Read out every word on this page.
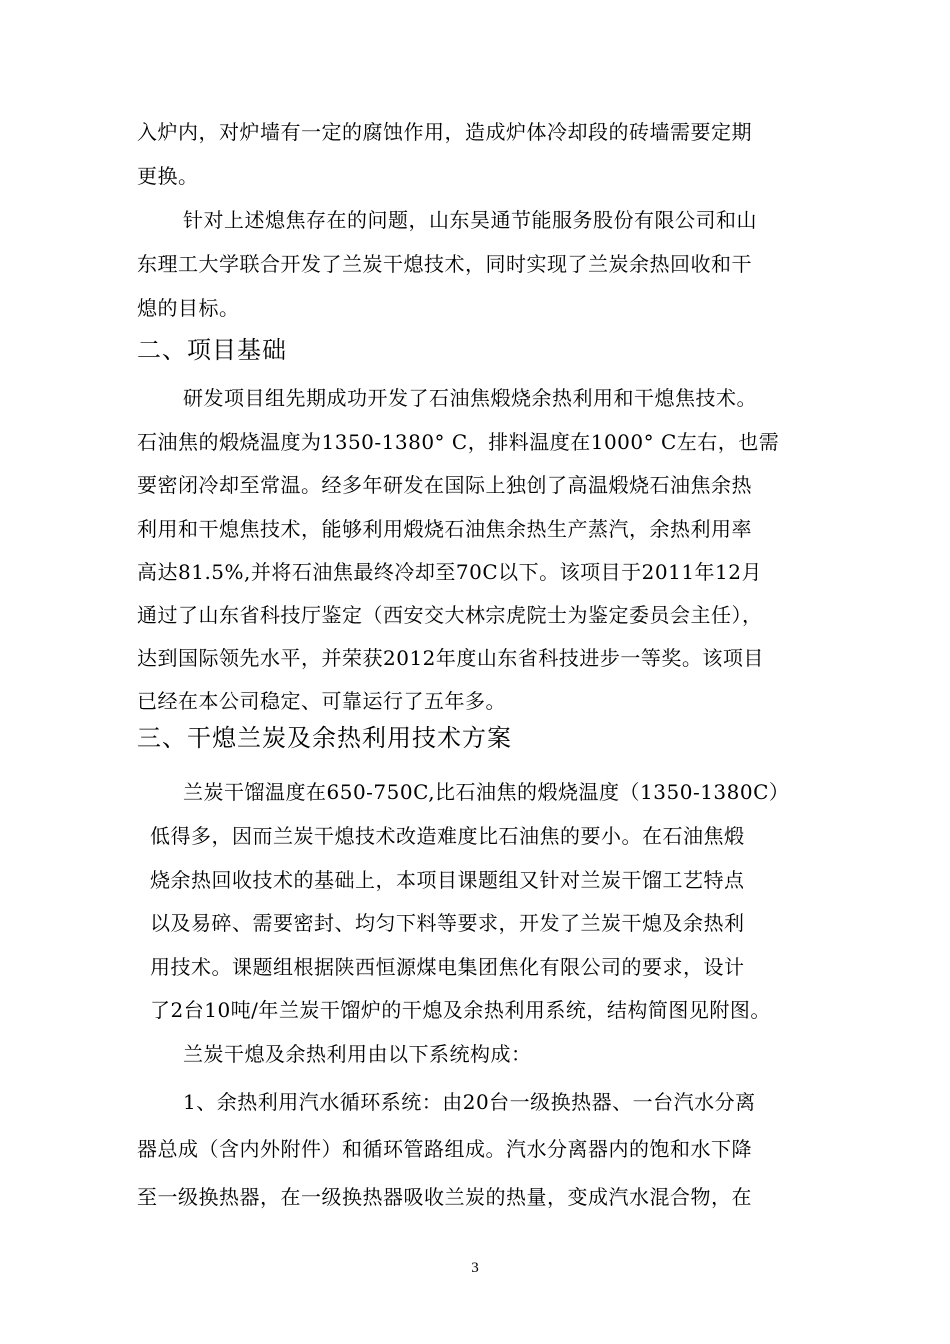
入炉内，对炉墙有一定的腐蚀作用，造成炉体冷却段的砖墙需要定期
更换。
针对上述熄焦存在的问题，山东昊通节能服务股份有限公司和山
东理工大学联合开发了兰炭干熄技术，同时实现了兰炭余热回收和干
熄的目标。
二、项目基础
研发项目组先期成功开发了石油焦煅烧余热利用和干熄焦技术。
石油焦的煅烧温度为1350-1380° C，排料温度在1000° C左右，也需
要密闭冷却至常温。经多年研发在国际上独创了高温煅烧石油焦余热
利用和干熄焦技术，能够利用煅烧石油焦余热生产蒸汽，余热利用率
高达81.5%,并将石油焦最终冷却至70C以下。该项目于2011年12月
通过了山东省科技厅鉴定（西安交大林宗虎院士为鉴定委员会主任），
达到国际领先水平，并荣获2012年度山东省科技进步一等奖。该项目
已经在本公司稳定、可靠运行了五年多。
三、干熄兰炭及余热利用技术方案
兰炭干馏温度在650-750C,比石油焦的煅烧温度（1350-1380C）
低得多，因而兰炭干熄技术改造难度比石油焦的要小。在石油焦煅
烧余热回收技术的基础上，本项目课题组又针对兰炭干馏工艺特点
以及易碎、需要密封、均匀下料等要求，开发了兰炭干熄及余热利
用技术。课题组根据陕西恒源煤电集团焦化有限公司的要求，设计
了2台10吨/年兰炭干馏炉的干熄及余热利用系统，结构简图见附图。
兰炭干熄及余热利用由以下系统构成：
1、余热利用汽水循环系统：由20台一级换热器、一台汽水分离
器总成（含内外附件）和循环管路组成。汽水分离器内的饱和水下降
至一级换热器，在一级换热器吸收兰炭的热量，变成汽水混合物，在
3
